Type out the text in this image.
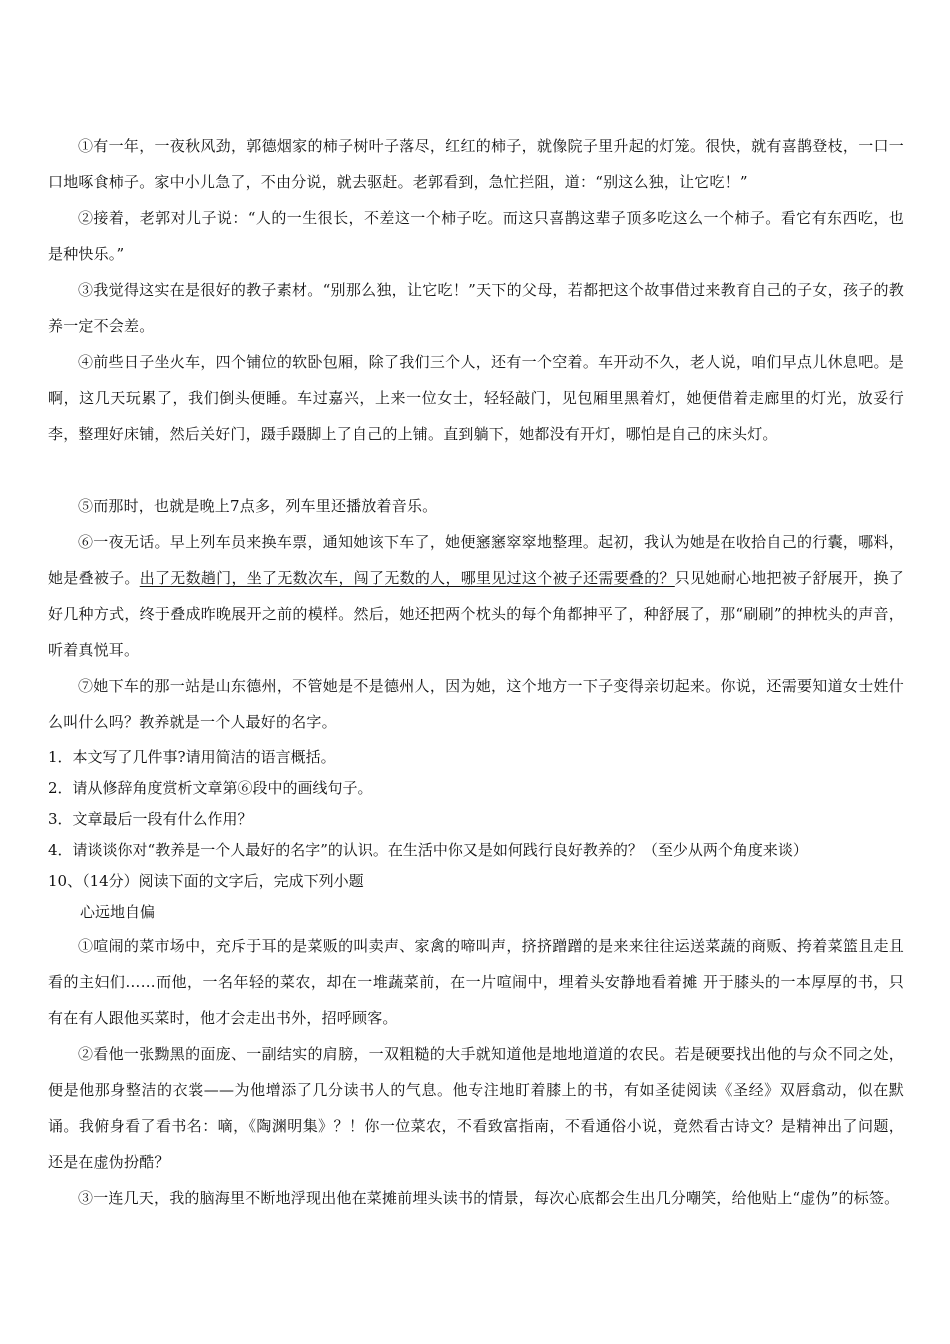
①有一年，一夜秋风劲，郭德烟家的柿子树叶子落尽，红红的柿子，就像院子里升起的灯笼。很快，就有喜鹊登枝，一口一口地啄食柿子。家中小儿急了，不由分说，就去驱赶。老郭看到，急忙拦阻，道：“别这么独，让它吃！”

②接着，老郭对儿子说：“人的一生很长，不差这一个柿子吃。而这只喜鹊这辈子顶多吃这么一个柿子。看它有东西吃，也是种快乐。”

③我觉得这实在是很好的教子素材。“别那么独，让它吃！”天下的父母，若都把这个故事借过来教育自己的子女，孩子的教养一定不会差。

④前些日子坐火车，四个铺位的软卧包厢，除了我们三个人，还有一个空着。车开动不久，老人说，咱们早点儿休息吧。是啊，这几天玩累了，我们倒头便睡。车过嘉兴，上来一位女士，轻轻敲门，见包厢里黑着灯，她便借着走廊里的灯光，放妥行李，整理好床铺，然后关好门，蹑手蹑脚上了自己的上铺。直到躺下，她都没有开灯，哪怕是自己的床头灯。

⑤而那时，也就是晚上7点多，列车里还播放着音乐。

⑥一夜无话。早上列车员来换车票，通知她该下车了，她便窸窸窣窣地整理。起初，我认为她是在收拾自己的行囊，哪料，她是叠被子。出了无数趟门，坐了无数次车，闯了无数的人，哪里见过这个被子还需要叠的？只见她耐心地把被子舒展开，换了好几种方式，终于叠成昨晚展开之前的模样。然后，她还把两个枕头的每个角都抻平了，种舒展了，那“刷刷”的抻枕头的声音，听着真悦耳。

⑦她下车的那一站是山东德州，不管她是不是德州人，因为她，这个地方一下子变得亲切起来。你说，还需要知道女士姓什么叫什么吗？教养就是一个人最好的名字。

1．本文写了几件事?请用简洁的语言概括。

2．请从修辞角度赏析文章第⑥段中的画线句子。

3．文章最后一段有什么作用？

4．请谈谈你对“教养是一个人最好的名字”的认识。在生活中你又是如何践行良好教养的？（至少从两个角度来谈）

10、（14分）阅读下面的文字后，完成下列小题

心远地自偏

①喧闹的菜市场中，充斥于耳的是菜贩的叫卖声、家禽的啼叫声，挤挤蹭蹭的是来来往往运送菜蔬的商贩、挎着菜篮且走且看的主妇们……而他，一名年轻的菜农，却在一堆蔬菜前，在一片喧闹中，埋着头安静地看着摊 开于膝头的一本厚厚的书，只有在有人跟他买菜时，他才会走出书外，招呼顾客。

②看他一张黝黑的面庞、一副结实的肩膀，一双粗糙的大手就知道他是地地道道的农民。若是硬要找出他的与众不同之处，便是他那身整洁的衣裳——为他增添了几分读书人的气息。他专注地盯着膝上的书，有如圣徒阅读《圣经》双唇翕动，似在默诵。我俯身看了看书名：嘀，《陶渊明集》？！你一位菜农，不看致富指南，不看通俗小说，竟然看古诗文？是精神出了问题，还是在虚伪扮酷？

③一连几天，我的脑海里不断地浮现出他在菜摊前埋头读书的情景，每次心底都会生出几分嘲笑，给他贴上“虚伪”的标签。
